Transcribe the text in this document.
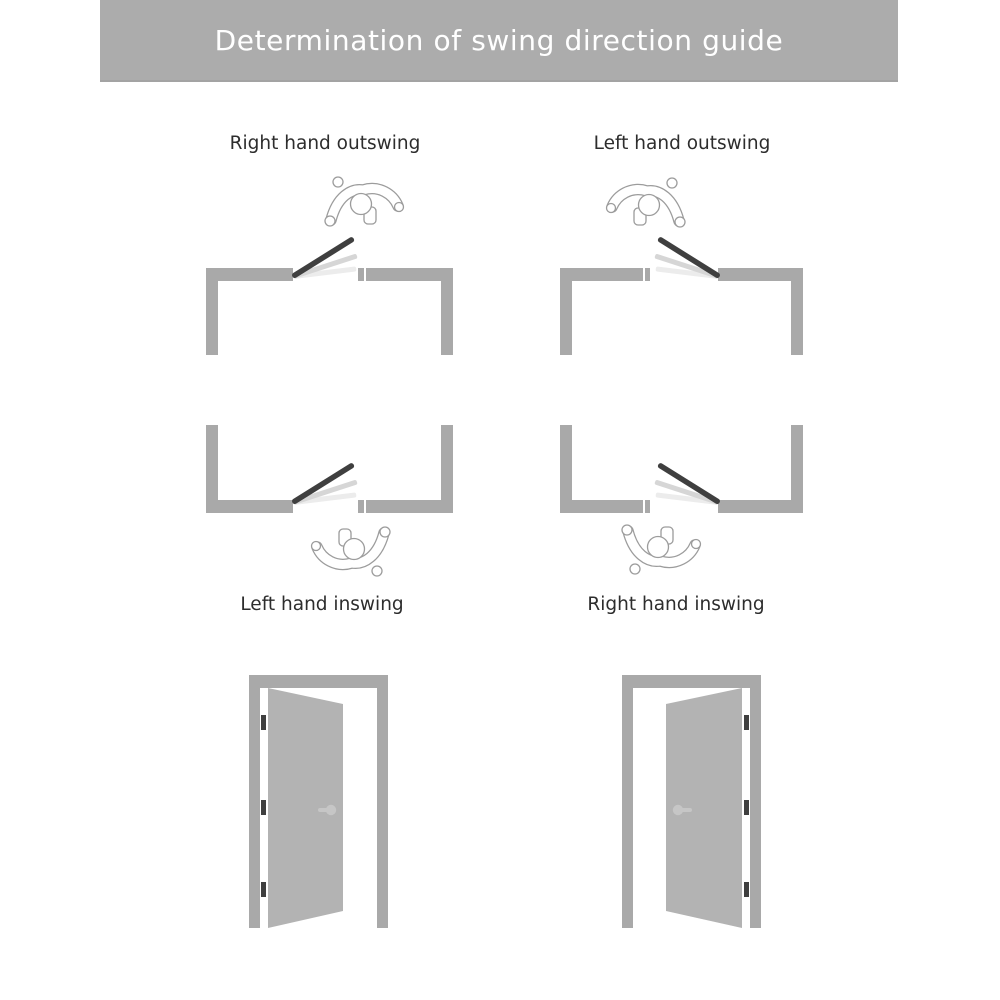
Determination of swing direction guide
Right hand outswing	Left hand outswing
Left hand inswing	Right hand inswing
